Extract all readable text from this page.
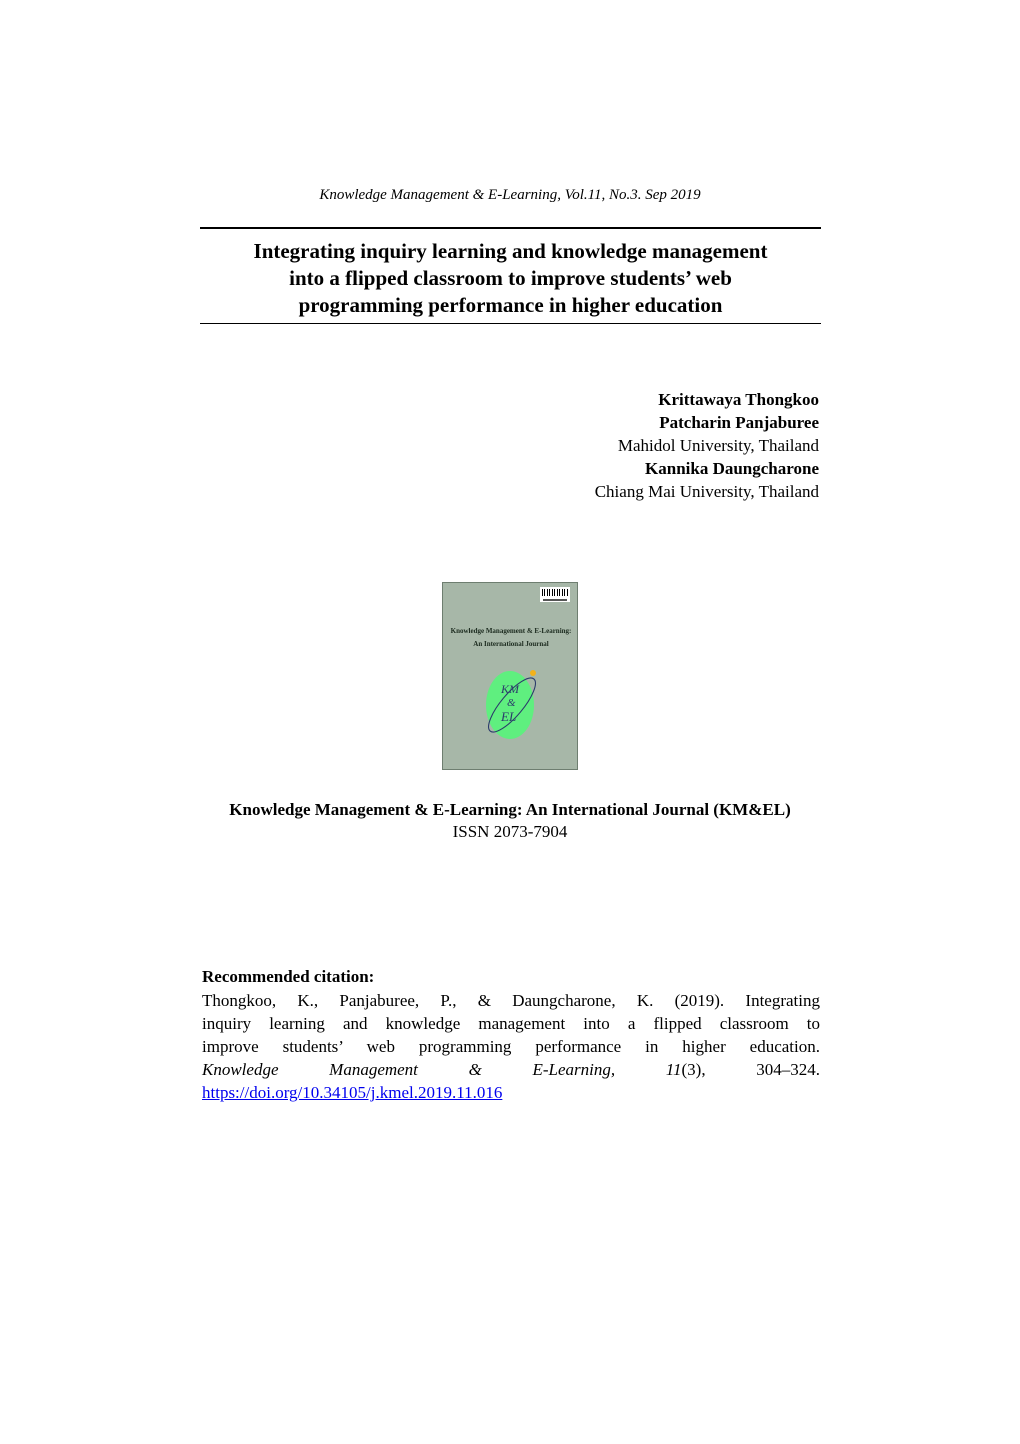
Knowledge Management & E-Learning, Vol.11, No.3. Sep 2019
Integrating inquiry learning and knowledge management
into a flipped classroom to improve students’ web
programming performance in higher education
Krittawaya Thongkoo
Patcharin Panjaburee
Mahidol University, Thailand
Kannika Daungcharone
Chiang Mai University, Thailand
Knowledge Management & E-Learning:
An International Journal
KM
&
EL
Knowledge Management & E-Learning: An International Journal (KM&EL)
ISSN 2073-7904
Recommended citation:

Thongkoo, K., Panjaburee, P., & Daungcharone, K. (2019). Integrating
inquiry learning and knowledge management into a flipped classroom to
improve students’ web programming performance in higher education.
Knowledge Management & E-Learning,	11(3), 304–324.
https://doi.org/10.34105/j.kmel.2019.11.016
